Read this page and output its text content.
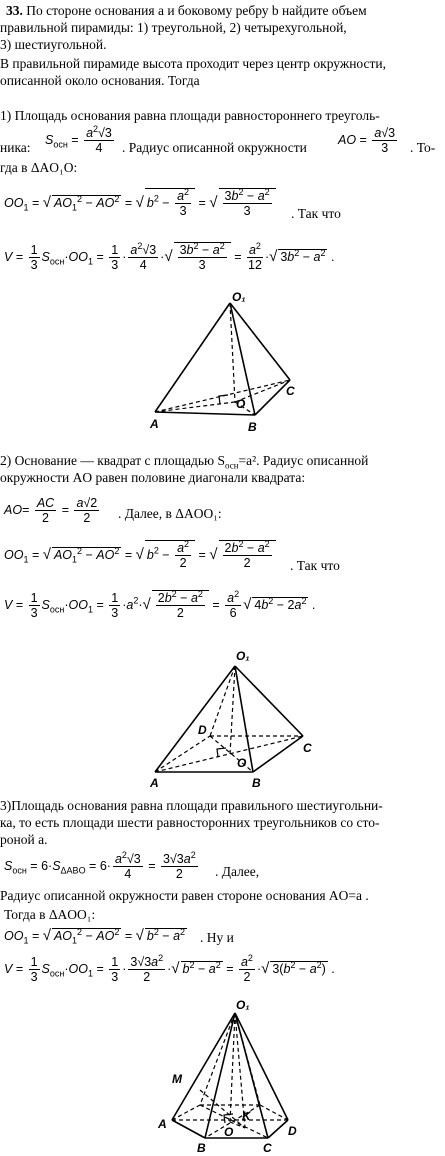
33. По стороне основания a и боковому ребру b найдите объем
правильной пирамиды: 1) треугольной, 2) четырехугольной,
3) шестиугольной.
В правильной пирамиде высота проходит через центр окружности,
описанной около основания. Тогда
1) Площадь основания равна площади равностороннего треуголь-
ника:
$S_{осн} = \frac{a^2√3}{4}$ . Радиус описанной окружности
AO = $\frac{a√3}{3}$ . То-
гда в ΔAO₁O:
$OO_1$ = √ $AO_1^2 - AO^2$ = √ $b^2 - \frac{a^2}{3}$ = √ $\frac{3b^2 - a^2}{3}$ . Так что
$V = \frac{1}{3} S_{осн}\cdot OO_1 = \frac{1}{3} \cdot \frac{a^2√3}{4}$ ·√ $\frac{3b^2 - a^2}{3} = \frac{a^2}{12}$ ·√ $3b^2 - a^2$ .
O₁
A	B
C
O
2) Основание — квадрат с площадью $S_{осн}=a^2$. Радиус описанной
окружности AO равен половине диагонали квадрата:
$AO= \frac{AC}{2} = \frac{a√2}{2}$ . Далее, в ΔAOO₁:
$OO_1$ = √ $AO_1^2 - AO^2$ = √ $b^2 - \frac{a^2}{2}$ = √ $\frac{2b^2 - a^2}{2}$ . Так что
$V = \frac{1}{3} S_{осн}\cdot OO_1 = \frac{1}{3} \cdot a^2\cdot√ \frac{2b^2 - a^2}{2} = \frac{a^2}{6}$ √ $4b^2 - 2a^2$ .
O₁
A	B
C
D
O
3)Площадь основания равна площади правильного шестиугольни-
ка, то есть площади шести равносторонних треугольников со сто-
роной a.
$S_{осн} = 6\cdot S_{\Delta ABO} = 6\cdot \frac{a^2√3}{4} = \frac{3√3a^2}{2}$ . Далее,
Радиус описанной окружности равен стороне основания AO=a .
Тогда в ΔAOO₁:
$OO_1$ = √ $AO_1^2 - AO^2$ = √ $b^2 - a^2$ . Ну и
$V = \frac{1}{3} S_{осн}\cdot OO_1 = \frac{1}{3} \cdot \frac{3√3a^2}{2}$ ·√ $b^2 - a^2 = \frac{a^2}{2}$ ·√ $3(b^2 - a^2)$ .
O₁
A
B	C
D
M
K
O
